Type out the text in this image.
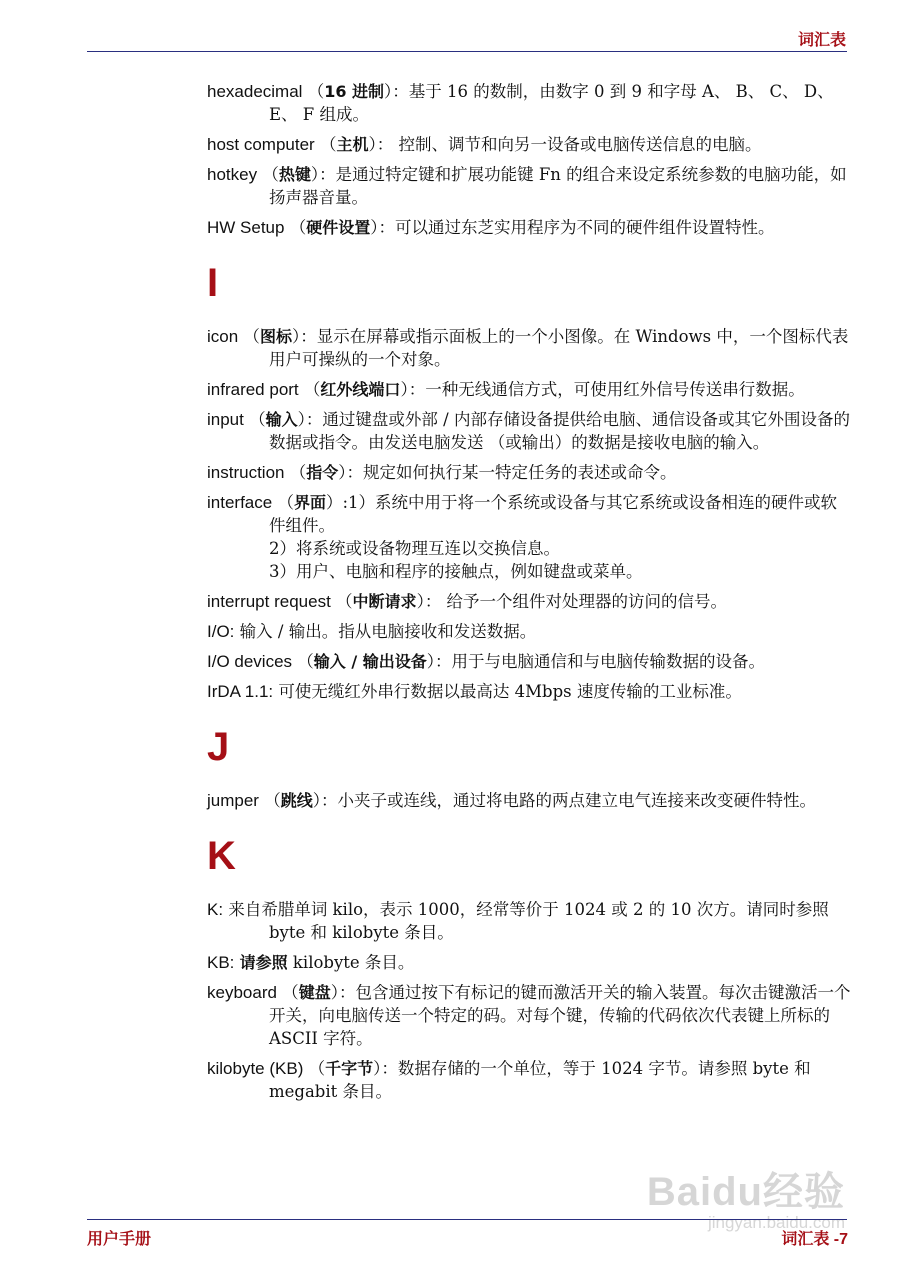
词汇表

hexadecimal （16 进制）：基于 16 的数制，由数字 0 到 9 和字母 A、 B、 C、 D、 E、 F 组成。

host computer （主机）： 控制、调节和向另一设备或电脑传送信息的电脑。

hotkey （热键）：是通过特定键和扩展功能键 Fn 的组合来设定系统参数的电脑功能，如扬声器音量。

HW Setup （硬件设置）：可以通过东芝实用程序为不同的硬件组件设置特性。

I

icon （图标）：显示在屏幕或指示面板上的一个小图像。在 Windows 中，一个图标代表用户可操纵的一个对象。

infrared port （红外线端口）：一种无线通信方式，可使用红外信号传送串行数据。

input （输入）：通过键盘或外部 / 内部存储设备提供给电脑、通信设备或其它外围设备的数据或指令。由发送电脑发送 （或输出）的数据是接收电脑的输入。

instruction （指令）：规定如何执行某一特定任务的表述或命令。

interface （界面）:1）系统中用于将一个系统或设备与其它系统或设备相连的硬件或软件组件。
2）将系统或设备物理互连以交换信息。
3）用户、电脑和程序的接触点，例如键盘或菜单。

interrupt request （中断请求）： 给予一个组件对处理器的访问的信号。

I/O: 输入 / 输出。指从电脑接收和发送数据。

I/O devices （输入 / 输出设备）：用于与电脑通信和与电脑传输数据的设备。

IrDA 1.1: 可使无缆红外串行数据以最高达 4Mbps 速度传输的工业标准。

J

jumper （跳线）：小夹子或连线，通过将电路的两点建立电气连接来改变硬件特性。

K

K: 来自希腊单词 kilo，表示 1000，经常等价于 1024 或 2 的 10 次方。请同时参照 byte 和 kilobyte 条目。

KB: 请参照 kilobyte 条目。

keyboard （键盘）：包含通过按下有标记的键而激活开关的输入装置。每次击键激活一个开关，向电脑传送一个特定的码。对每个键，传输的代码依次代表键上所标的 ASCII 字符。

kilobyte (KB) （千字节）：数据存储的一个单位，等于 1024 字节。请参照 byte 和 megabit 条目。

Baidu经验
jingyan.baidu.com
用户手册	词汇表 -7
